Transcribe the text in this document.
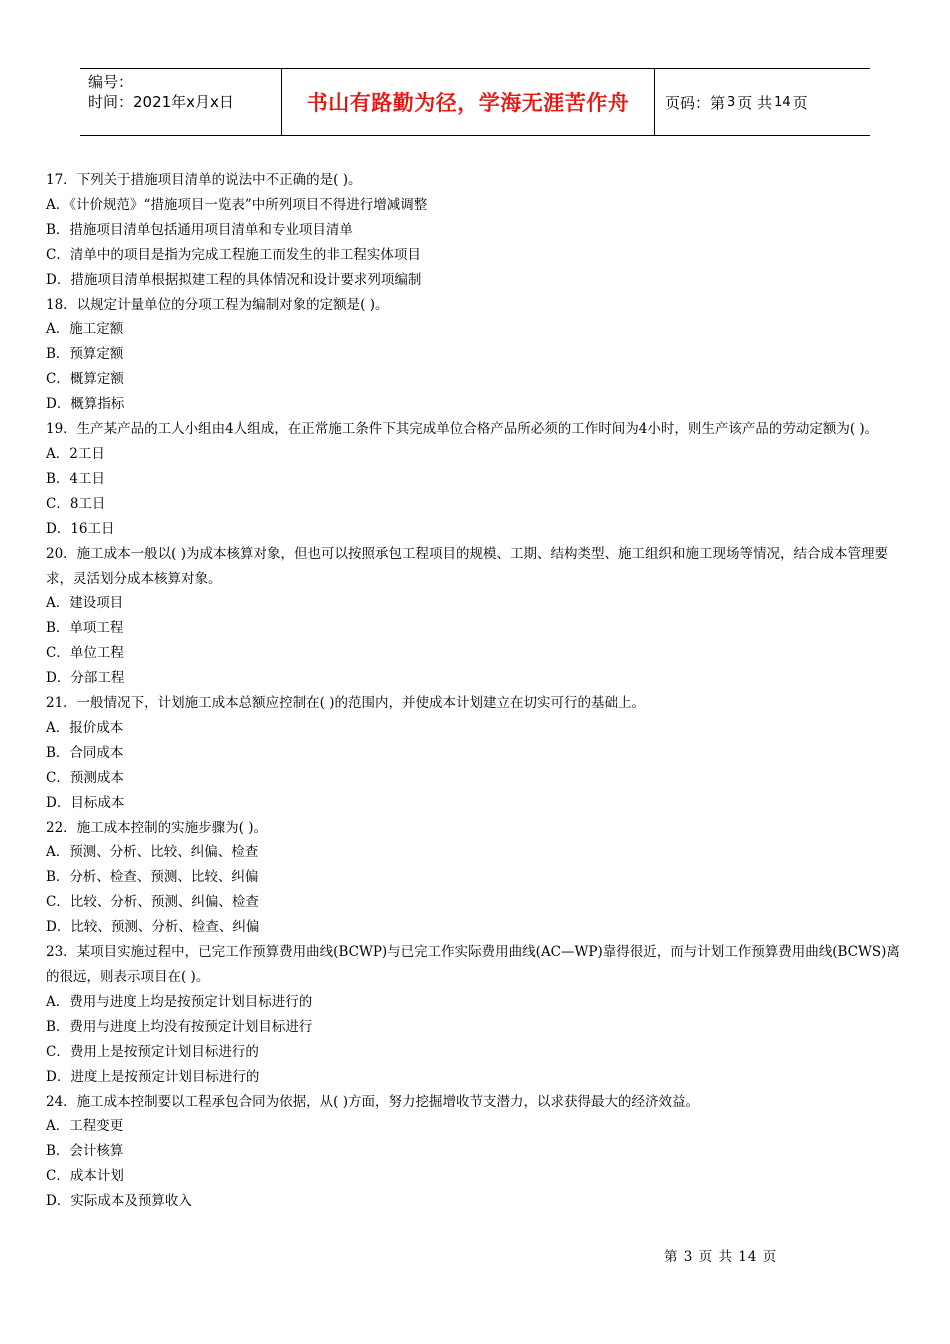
编号：
时间：2021年x月x日	书山有路勤为径，学海无涯苦作舟	页码：第 3 页 共 14 页
17．下列关于措施项目清单的说法中不正确的是( )。
A．《计价规范》“措施项目一览表”中所列项目不得进行增减调整
B．措施项目清单包括通用项目清单和专业项目清单
C．清单中的项目是指为完成工程施工而发生的非工程实体项目
D．措施项目清单根据拟建工程的具体情况和设计要求列项编制
18．以规定计量单位的分项工程为编制对象的定额是( )。
A．施工定额
B．预算定额
C．概算定额
D．概算指标
19．生产某产品的工人小组由4人组成，在正常施工条件下其完成单位合格产品所必须的工作时间为4小时，则生产该产品的劳动定额为( )。
A．2工日
B．4工日
C．8工日
D．16工日
20．施工成本一般以( )为成本核算对象，但也可以按照承包工程项目的规模、工期、结构类型、施工组织和施工现场等情况，结合成本管理要求，灵活划分成本核算对象。
A．建设项目
B．单项工程
C．单位工程
D．分部工程
21．一般情况下，计划施工成本总额应控制在( )的范围内，并使成本计划建立在切实可行的基础上。
A．报价成本
B．合同成本
C．预测成本
D．目标成本
22．施工成本控制的实施步骤为( )。
A．预测、分析、比较、纠偏、检查
B．分析、检查、预测、比较、纠偏
C．比较、分析、预测、纠偏、检查
D．比较、预测、分析、检查、纠偏
23．某项目实施过程中，已完工作预算费用曲线(BCWP)与已完工作实际费用曲线(AC—WP)靠得很近，而与计划工作预算费用曲线(BCWS)离的很远，则表示项目在( )。
A．费用与进度上均是按预定计划目标进行的
B．费用与进度上均没有按预定计划目标进行
C．费用上是按预定计划目标进行的
D．进度上是按预定计划目标进行的
24．施工成本控制要以工程承包合同为依据，从( )方面，努力挖掘增收节支潜力，以求获得最大的经济效益。
A．工程变更
B．会计核算
C．成本计划
D．实际成本及预算收入
第 3 页 共 14 页
